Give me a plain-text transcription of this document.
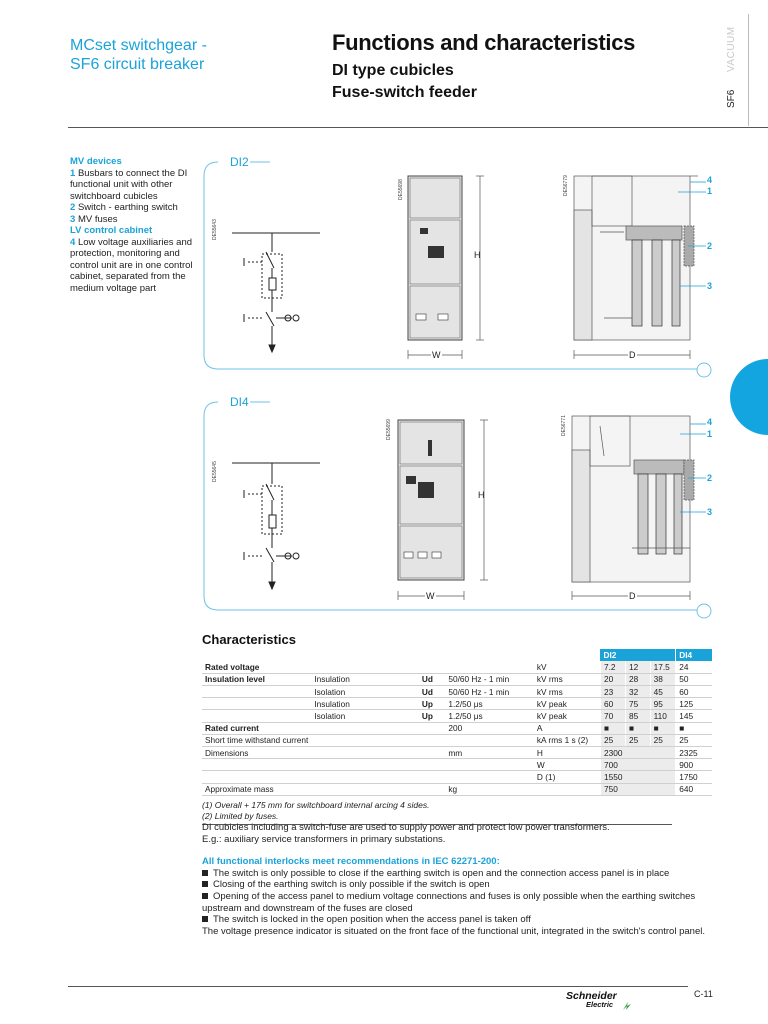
MCset switchgear -
SF6 circuit breaker
Functions and characteristics
DI type cubicles
Fuse-switch feeder
VACUUM
SF6
MV devices
1 Busbars to connect the DI functional unit with other switchboard cubicles
2 Switch - earthing switch
3 MV fuses
LV control cabinet
4 Low voltage auxiliaries and protection, monitoring and control unit are in one control cabinet, separated from the medium voltage part
DI2
DI4
H
W	D
H
W	D
4
1
2
3
4
1
2
3
DE55643
DE55698	DE56779
DE55645
DE55699	DE56771
Characteristics
					DI2			DI4
Rated voltage				kV	7.2	12	17.5	24
Insulation level	Insulation	Ud	50/60 Hz - 1 min	kV rms	20	28	38	50
	Isolation	Ud	50/60 Hz - 1 min	kV rms	23	32	45	60
	Insulation	Up	1.2/50 μs	kV peak	60	75	95	125
	Isolation	Up	1.2/50 μs	kV peak	70	85	110	145
Rated current			200	A	■	■	■	■
Short time withstand current				kA rms 1 s (2)	25	25	25	25
Dimensions			mm	H	2300			2325
				W	700			900
				D (1)	1550			1750
Approximate mass			kg		750			640
(1) Overall + 175 mm for switchboard internal arcing 4 sides.
(2) Limited by fuses.

DI cubicles including a switch-fuse are used to supply power and protect low power transformers.

E.g.: auxiliary service transformers in primary substations.

All functional interlocks meet recommendations in IEC 62271-200:

The switch is only possible to close if the earthing switch is open and the connection access panel is in place

Closing of the earthing switch is only possible if the switch is open

Opening of the access panel to medium voltage connections and fuses is only possible when the earthing switches upstream and downstream of the fuses are closed

The switch is locked in the open position when the access panel is taken off

The voltage presence indicator is situated on the front face of the functional unit, integrated in the switch's control panel.

Schneider
Electric
C-11
